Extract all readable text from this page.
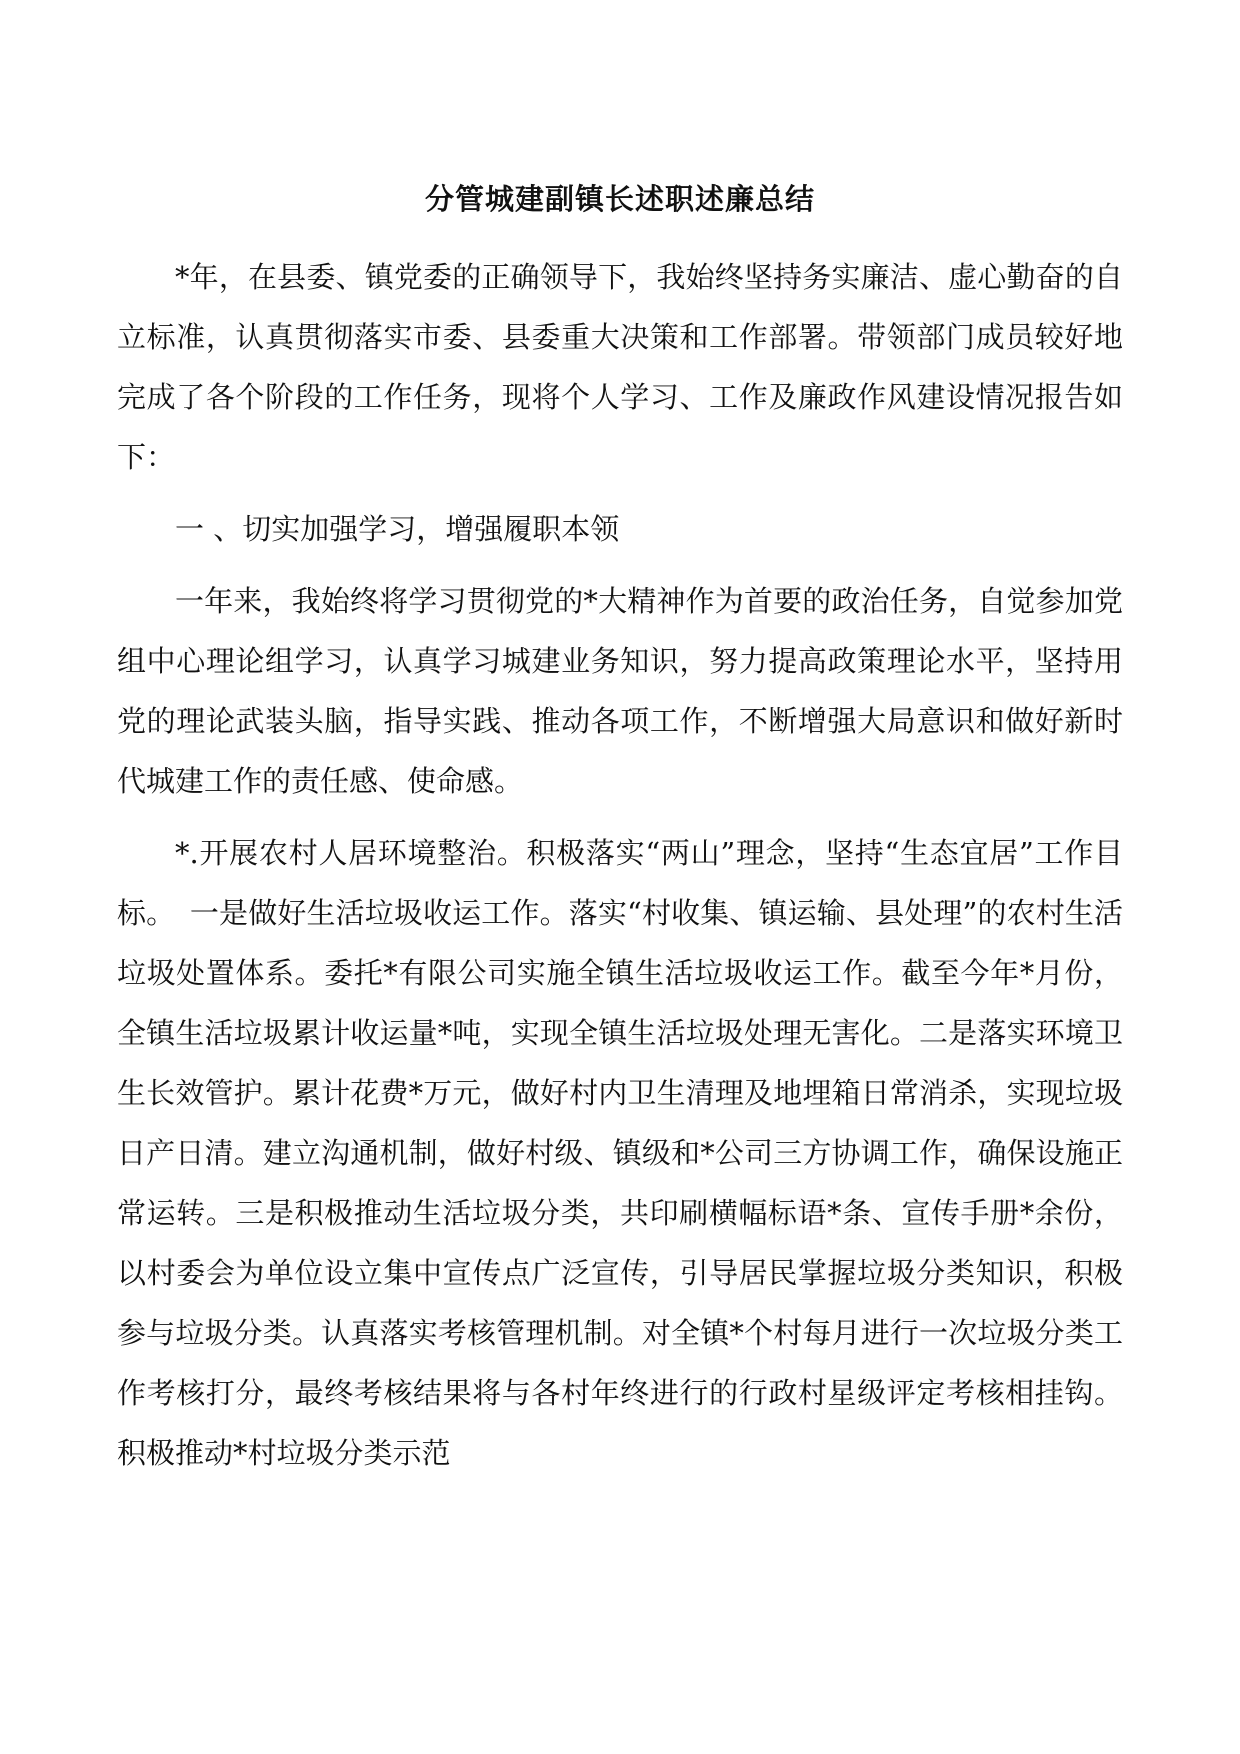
分管城建副镇长述职述廉总结

*年，在县委、镇党委的正确领导下，我始终坚持务实廉洁、虚心勤奋的自立标准，认真贯彻落实市委、县委重大决策和工作部署。带领部门成员较好地完成了各个阶段的工作任务，现将个人学习、工作及廉政作风建设情况报告如下：

一 、切实加强学习，增强履职本领

一年来，我始终将学习贯彻党的*大精神作为首要的政治任务，自觉参加党组中心理论组学习，认真学习城建业务知识，努力提高政策理论水平，坚持用党的理论武装头脑，指导实践、推动各项工作，不断增强大局意识和做好新时代城建工作的责任感、使命感。

*.开展农村人居环境整治。积极落实“两山”理念，坚持“生态宜居”工作目标。　一是做好生活垃圾收运工作。落实“村收集、镇运输、县处理”的农村生活垃圾处置体系。委托*有限公司实施全镇生活垃圾收运工作。截至今年*月份，全镇生活垃圾累计收运量*吨，实现全镇生活垃圾处理无害化。二是落实环境卫生长效管护。累计花费*万元，做好村内卫生清理及地埋箱日常消杀，实现垃圾日产日清。建立沟通机制，做好村级、镇级和*公司三方协调工作，确保设施正常运转。三是积极推动生活垃圾分类，共印刷横幅标语*条、宣传手册*余份，以村委会为单位设立集中宣传点广泛宣传，引导居民掌握垃圾分类知识，积极参与垃圾分类。认真落实考核管理机制。对全镇*个村每月进行一次垃圾分类工作考核打分，最终考核结果将与各村年终进行的行政村星级评定考核相挂钩。积极推动*村垃圾分类示范
